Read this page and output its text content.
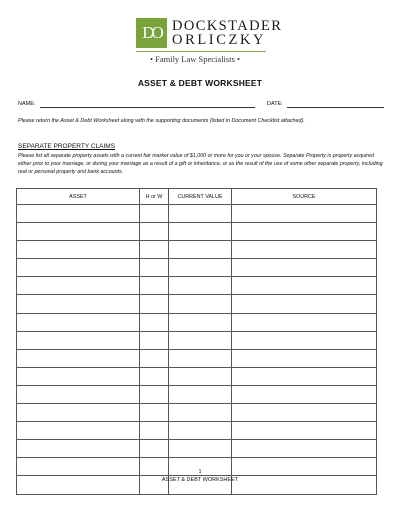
DO DOCKSTADER
ORLICZKY
• Family Law Specialists •
ASSET & DEBT WORKSHEET
NAME:	DATE:
Please return the Asset & Debt Worksheet along with the supporting documents (listed in Document Checklist attached).
SEPARATE PROPERTY CLAIMS
Please list all separate property assets with a current fair market value of $1,000 or more for you or your spouse. Separate Property is property acquired either prior to your marriage, or during your marriage as a result of a gift or inheritance, or as the result of the use of some other separate property, including real or personal property and bank accounts.
ASSET	H or W	CURRENT VALUE	SOURCE

1
ASSET & DEBT WORKSHEET
